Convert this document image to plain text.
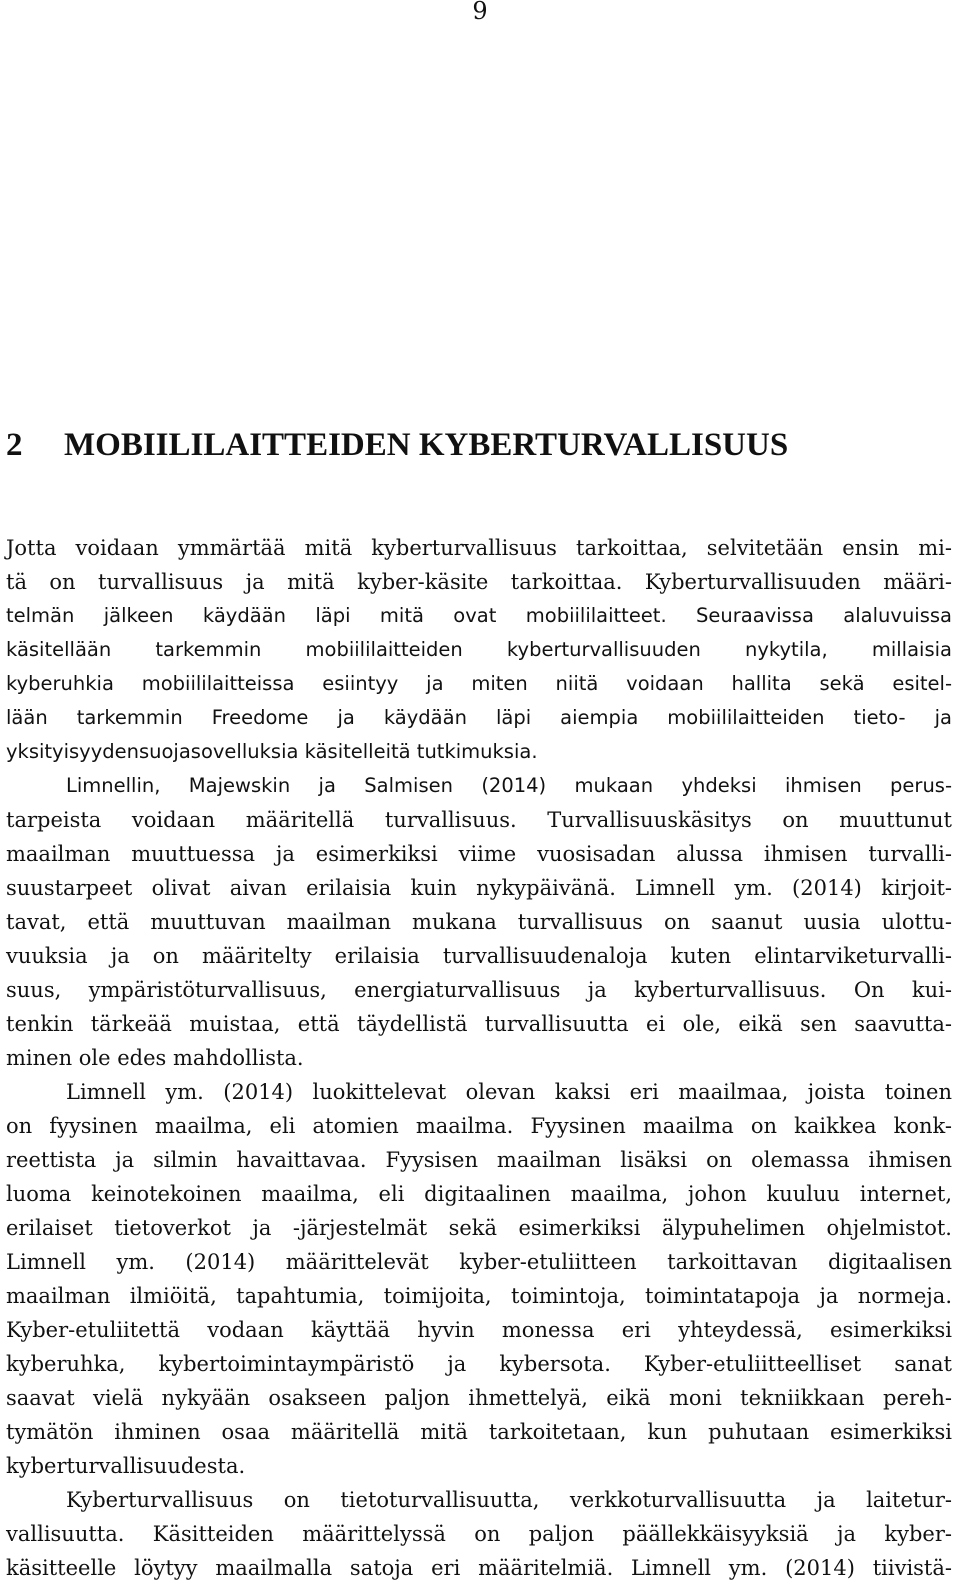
9
2 MOBIILILAITTEIDEN KYBERTURVALLISUUS
Jotta voidaan ymmärtää mitä kyberturvallisuus tarkoittaa, selvitetään ensin mi-
tä on turvallisuus ja mitä kyber-käsite tarkoittaa. Kyberturvallisuuden määri-
telmän jälkeen käydään läpi mitä ovat mobiililaitteet. Seuraavissa alaluvuissa
käsitellään tarkemmin mobiililaitteiden kyberturvallisuuden nykytila, millaisia
kyberuhkia mobiililaitteissa esiintyy ja miten niitä voidaan hallita sekä esitel-
lään tarkemmin Freedome ja käydään läpi aiempia mobiililaitteiden tieto- ja
yksityisyydensuojasovelluksia käsitelleitä tutkimuksia.
Limnellin, Majewskin ja Salmisen (2014) mukaan yhdeksi ihmisen perus-
tarpeista voidaan määritellä turvallisuus. Turvallisuuskäsitys on muuttunut
maailman muuttuessa ja esimerkiksi viime vuosisadan alussa ihmisen turvalli-
suustarpeet olivat aivan erilaisia kuin nykypäivänä. Limnell ym. (2014) kirjoit-
tavat, että muuttuvan maailman mukana turvallisuus on saanut uusia ulottu-
vuuksia ja on määritelty erilaisia turvallisuudenaloja kuten elintarviketurvalli-
suus, ympäristöturvallisuus, energiaturvallisuus ja kyberturvallisuus. On kui-
tenkin tärkeää muistaa, että täydellistä turvallisuutta ei ole, eikä sen saavutta-
minen ole edes mahdollista.
Limnell ym. (2014) luokittelevat olevan kaksi eri maailmaa, joista toinen
on fyysinen maailma, eli atomien maailma. Fyysinen maailma on kaikkea konk-
reettista ja silmin havaittavaa. Fyysisen maailman lisäksi on olemassa ihmisen
luoma keinotekoinen maailma, eli digitaalinen maailma, johon kuuluu internet,
erilaiset tietoverkot ja -järjestelmät sekä esimerkiksi älypuhelimen ohjelmistot.
Limnell ym. (2014) määrittelevät kyber-etuliitteen tarkoittavan digitaalisen
maailman ilmiöitä, tapahtumia, toimijoita, toimintoja, toimintatapoja ja normeja.
Kyber-etuliitettä vodaan käyttää hyvin monessa eri yhteydessä, esimerkiksi
kyberuhka, kybertoimintaympäristö ja kybersota. Kyber-etuliitteelliset sanat
saavat vielä nykyään osakseen paljon ihmettelyä, eikä moni tekniikkaan pereh-
tymätön ihminen osaa määritellä mitä tarkoitetaan, kun puhutaan esimerkiksi
kyberturvallisuudesta.
Kyberturvallisuus on tietoturvallisuutta, verkkoturvallisuutta ja laitetur-
vallisuutta. Käsitteiden määrittelyssä on paljon päällekkäisyyksiä ja kyber-
käsitteelle löytyy maailmalla satoja eri määritelmiä. Limnell ym. (2014) tiivistä-
